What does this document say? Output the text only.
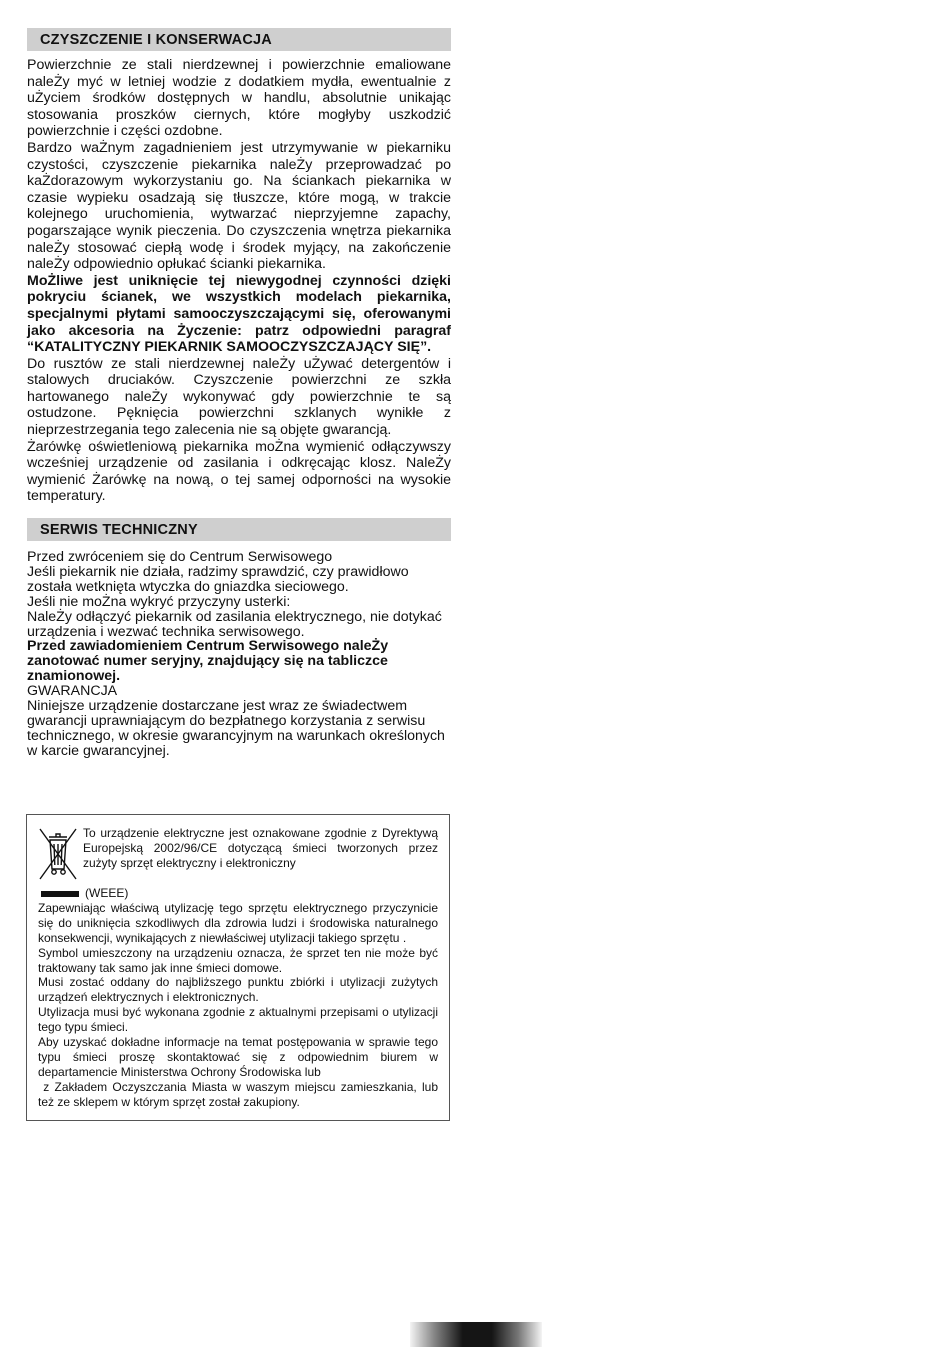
CZYSZCZENIE I KONSERWACJA

Powierzchnie ze stali nierdzewnej i powierzchnie emaliowane naleŻy myć w letniej wodzie z dodatkiem mydła, ewentualnie z uŻyciem środków dostępnych w handlu, absolutnie unikając stosowania proszków ciernych, które mogłyby uszkodzić powierzchnie i części ozdobne.

Bardzo waŻnym zagadnieniem jest utrzymywanie w piekarniku czystości, czyszczenie piekarnika naleŻy przeprowadzać po kaŻdorazowym wykorzystaniu go. Na ściankach piekarnika w czasie wypieku osadzają się tłuszcze, które mogą, w trakcie kolejnego uruchomienia, wytwarzać nieprzyjemne zapachy, pogarszające wynik pieczenia. Do czyszczenia wnętrza piekarnika naleŻy stosować ciepłą wodę i środek myjący, na zakończenie naleŻy odpowiednio opłukać ścianki piekarnika.

MoŻliwe jest uniknięcie tej niewygodnej czynności dzięki pokryciu ścianek, we wszystkich modelach piekarnika, specjalnymi płytami samooczyszczającymi się, oferowanymi jako akcesoria na Życzenie: patrz odpowiedni paragraf “KATALITYCZNY PIEKARNIK SAMOOCZYSZCZAJĄCY SIĘ”.

Do rusztów ze stali nierdzewnej naleŻy uŻywać detergentów i stalowych druciaków. Czyszczenie powierzchni ze szkła hartowanego naleŻy wykonywać gdy powierzchnie te są ostudzone. Pęknięcia powierzchni szklanych wynikłe z nieprzestrzegania tego zalecenia nie są objęte gwarancją.

Żarówkę oświetleniową piekarnika moŻna wymienić odłączywszy wcześniej urządzenie od zasilania i odkręcając klosz. NaleŻy wymienić Żarówkę na nową, o tej samej odporności na wysokie temperatury.

SERWIS TECHNICZNY

Przed zwróceniem się do Centrum Serwisowego

Jeśli piekarnik nie działa, radzimy sprawdzić, czy prawidłowo została wetknięta wtyczka do gniazdka sieciowego.

Jeśli nie moŻna wykryć przyczyny usterki:

NaleŻy odłączyć piekarnik od zasilania elektrycznego, nie dotykać urządzenia i wezwać technika serwisowego.

Przed zawiadomieniem Centrum Serwisowego naleŻy zanotować numer seryjny, znajdujący się na tabliczce znamionowej.

GWARANCJA

Niniejsze urządzenie dostarczane jest wraz ze świadectwem gwarancji uprawniającym do bezpłatnego korzystania z serwisu technicznego, w okresie gwarancyjnym na warunkach określonych w karcie gwarancyjnej.

To urządzenie elektryczne jest oznakowane zgodnie z Dyrektywą Europejską 2002/96/CE dotyczącą śmieci tworzonych przez zużyty sprzęt elektryczny i elektroniczny

(WEEE)

Zapewniając właściwą utylizację tego sprzętu elektrycznego przyczynicie się do uniknięcia szkodliwych dla zdrowia ludzi i środowiska naturalnego konsekwencji, wynikających z niewłaściwej utylizacji takiego sprzętu .

Symbol umieszczony na urządzeniu oznacza, że sprzet ten nie może być traktowany tak samo jak inne śmieci domowe.

Musi zostać oddany do najbliższego punktu zbiórki i utylizacji zużytych urządzeń elektrycznych i elektronicznych.

Utylizacja musi być wykonana zgodnie z aktualnymi przepisami o utylizacji tego typu śmieci.

Aby uzyskać dokładne informacje na temat postępowania w sprawie tego typu śmieci proszę skontaktować się z odpowiednim biurem w departamencie Ministerstwa Ochrony Środowiska lub

z Zakładem Oczyszczania Miasta w waszym miejscu zamieszkania, lub też ze sklepem w którym sprzęt został zakupiony.
